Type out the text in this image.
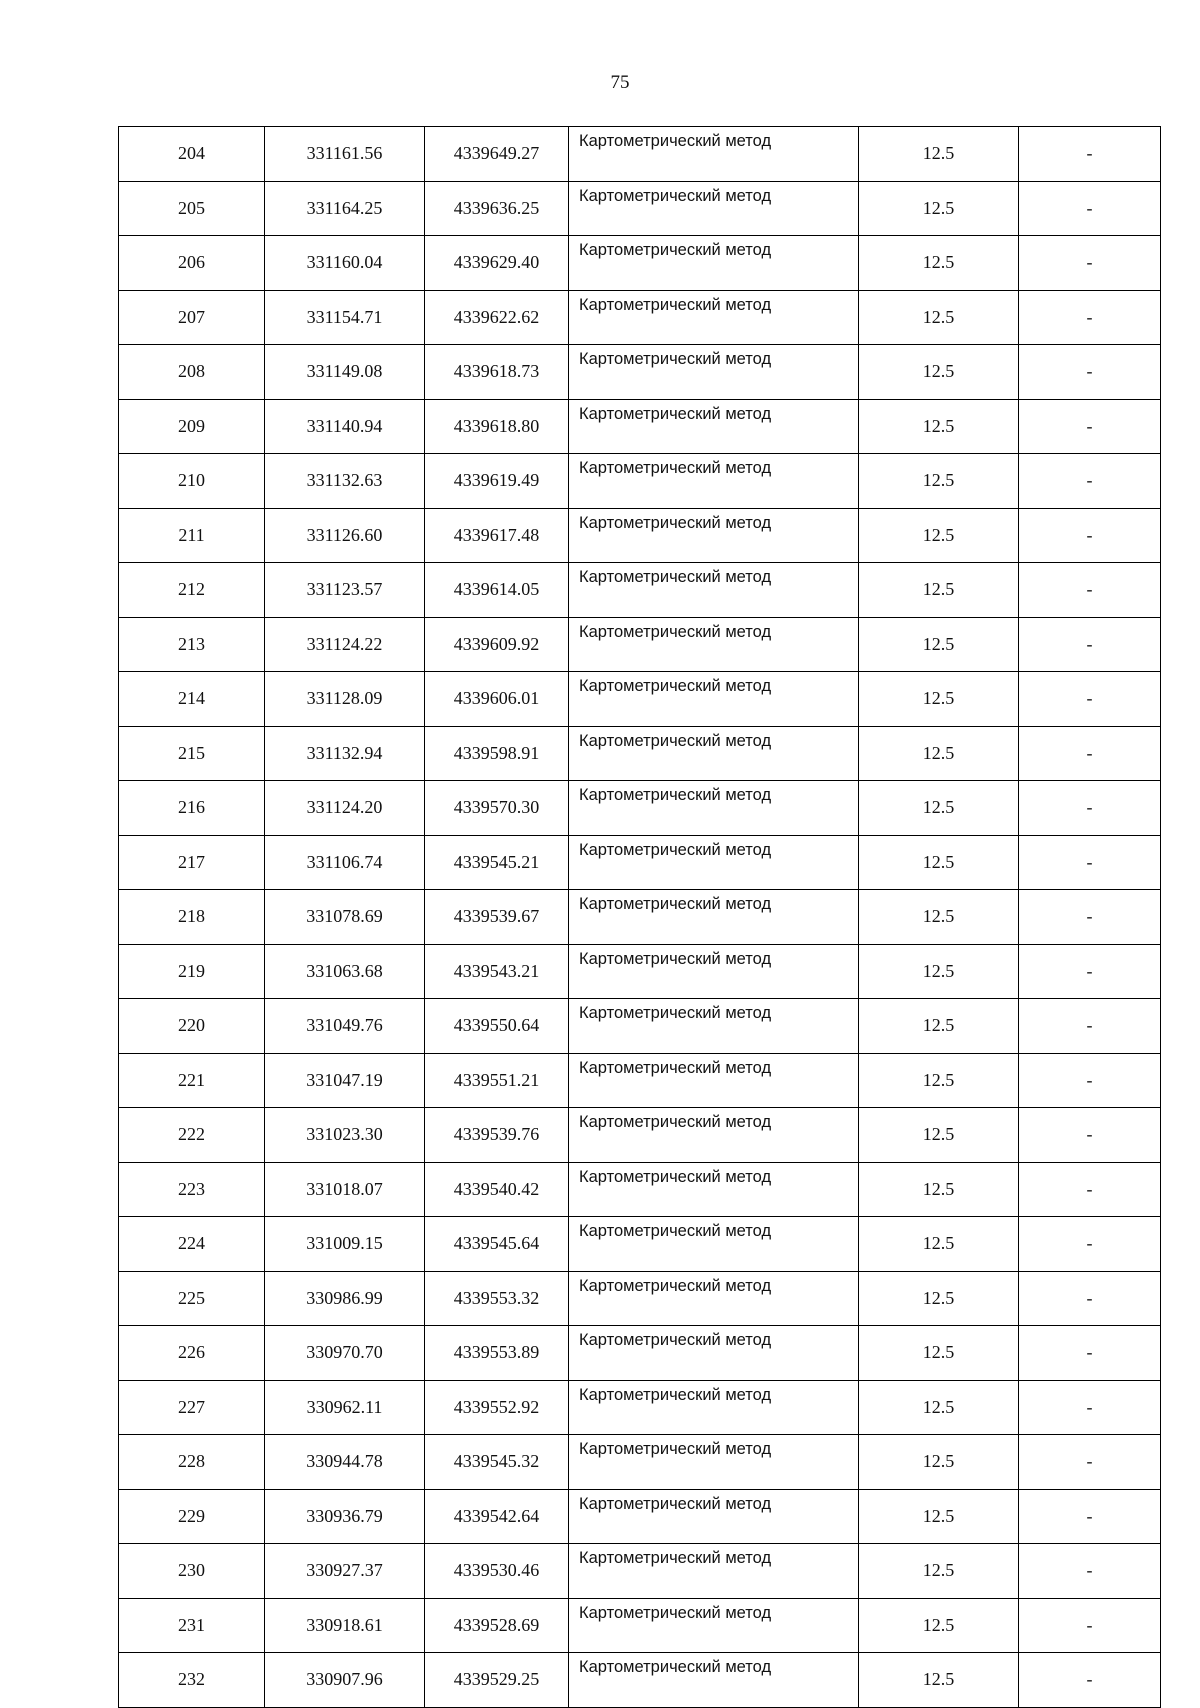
75
204	331161.56	4339649.27	Картометрический метод	12.5	-
205	331164.25	4339636.25	Картометрический метод	12.5	-
206	331160.04	4339629.40	Картометрический метод	12.5	-
207	331154.71	4339622.62	Картометрический метод	12.5	-
208	331149.08	4339618.73	Картометрический метод	12.5	-
209	331140.94	4339618.80	Картометрический метод	12.5	-
210	331132.63	4339619.49	Картометрический метод	12.5	-
211	331126.60	4339617.48	Картометрический метод	12.5	-
212	331123.57	4339614.05	Картометрический метод	12.5	-
213	331124.22	4339609.92	Картометрический метод	12.5	-
214	331128.09	4339606.01	Картометрический метод	12.5	-
215	331132.94	4339598.91	Картометрический метод	12.5	-
216	331124.20	4339570.30	Картометрический метод	12.5	-
217	331106.74	4339545.21	Картометрический метод	12.5	-
218	331078.69	4339539.67	Картометрический метод	12.5	-
219	331063.68	4339543.21	Картометрический метод	12.5	-
220	331049.76	4339550.64	Картометрический метод	12.5	-
221	331047.19	4339551.21	Картометрический метод	12.5	-
222	331023.30	4339539.76	Картометрический метод	12.5	-
223	331018.07	4339540.42	Картометрический метод	12.5	-
224	331009.15	4339545.64	Картометрический метод	12.5	-
225	330986.99	4339553.32	Картометрический метод	12.5	-
226	330970.70	4339553.89	Картометрический метод	12.5	-
227	330962.11	4339552.92	Картометрический метод	12.5	-
228	330944.78	4339545.32	Картометрический метод	12.5	-
229	330936.79	4339542.64	Картометрический метод	12.5	-
230	330927.37	4339530.46	Картометрический метод	12.5	-
231	330918.61	4339528.69	Картометрический метод	12.5	-
232	330907.96	4339529.25	Картометрический метод	12.5	-
